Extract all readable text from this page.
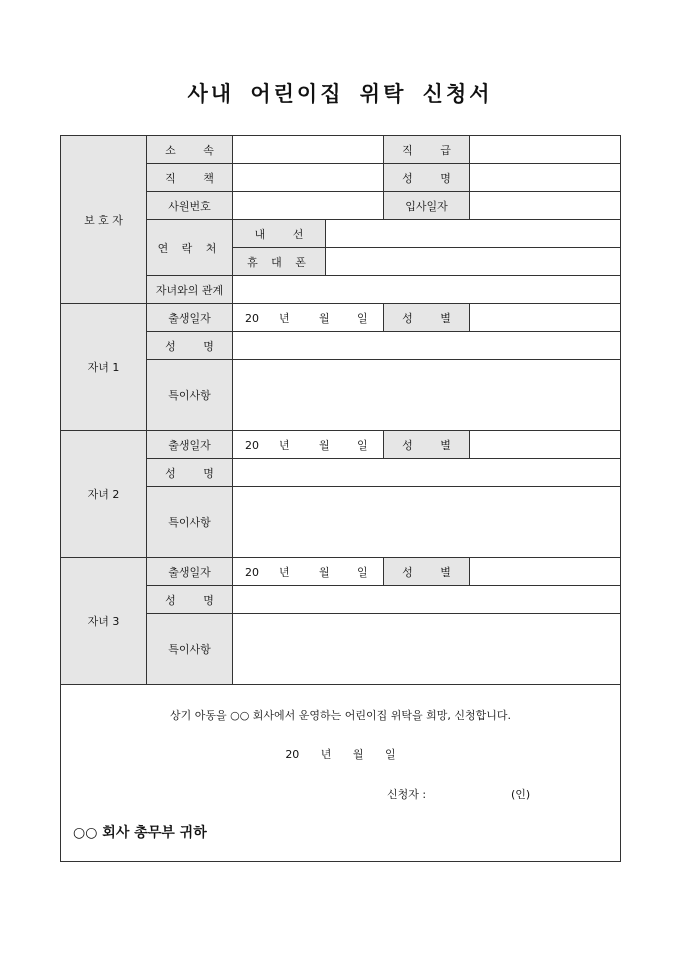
사내 어린이집 위탁 신청서
보 호 자	소 속			직 급	
	직 책			성 명	
	사원번호			입사일자	
	연 락 처	내 선			
		휴 대 폰			
	자녀와의 관계				
자녀 1	출생일자	20 년 월 일		성 별	
	성 명				
	특이사항				
자녀 2	출생일자	20 년 월 일		성 별	
	성 명				
	특이사항				
자녀 3	출생일자	20 년 월 일		성 별	
	성 명				
	특이사항				

상기 아동을 ○○ 회사에서 운영하는 어린이집 위탁을 희망, 신청합니다.
20 년 월 일
신청자 : (인)
○○ 회사 총무부 귀하					
